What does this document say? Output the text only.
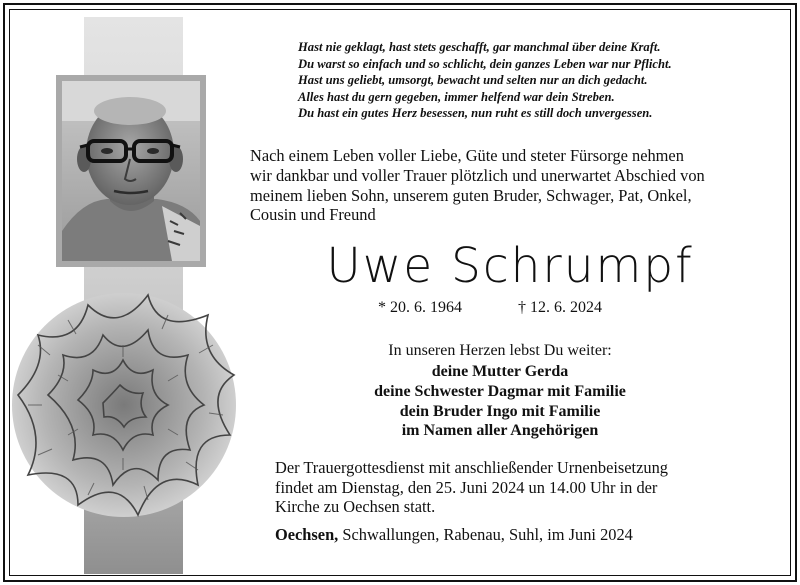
Hast nie geklagt, hast stets geschafft, gar manchmal über deine Kraft.
Du warst so einfach und so schlicht, dein ganzes Leben war nur Pflicht.
Hast uns geliebt, umsorgt, bewacht und selten nur an dich gedacht.
Alles hast du gern gegeben, immer helfend war dein Streben.
Du hast ein gutes Herz besessen, nun ruht es still doch unvergessen.
Nach einem Leben voller Liebe, Güte und steter Fürsorge nehmen
wir dankbar und voller Trauer plötzlich und unerwartet Abschied von
meinem lieben Sohn, unserem guten Bruder, Schwager, Pat, Onkel,
Cousin und Freund
Uwe Schrumpf
* 20. 6. 1964	† 12. 6. 2024
In unseren Herzen lebst Du weiter:
deine Mutter Gerda
deine Schwester Dagmar mit Familie
dein Bruder Ingo mit Familie
im Namen aller Angehörigen
Der Trauergottesdienst mit anschließender Urnenbeisetzung
findet am Dienstag, den 25. Juni 2024 un 14.00 Uhr in der
Kirche zu Oechsen statt.
Oechsen, Schwallungen, Rabenau, Suhl, im Juni 2024
